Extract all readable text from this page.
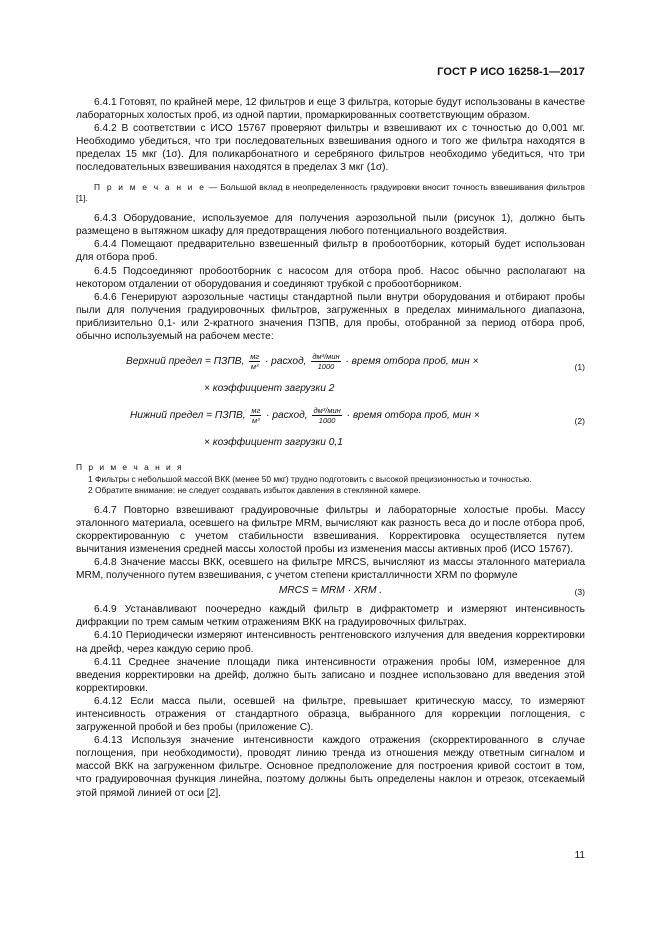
ГОСТ Р ИСО 16258-1—2017

6.4.1 Готовят, по крайней мере, 12 фильтров и еще 3 фильтра, которые будут использованы в качестве лабораторных холостых проб, из одной партии, промаркированных соответствующим образом.

6.4.2 В соответствии с ИСО 15767 проверяют фильтры и взвешивают их с точностью до 0,001 мг. Необходимо убедиться, что три последовательных взвешивания одного и того же фильтра находятся в пределах 15 мкг (1σ). Для поликарбонатного и серебряного фильтров необходимо убедиться, что три последовательных взвешивания находятся в пределах 3 мкг (1σ).

П р и м е ч а н и е — Большой вклад в неопределенность градуировки вносит точность взвешивания фильтров [1].

6.4.3 Оборудование, используемое для получения аэрозольной пыли (рисунок 1), должно быть размещено в вытяжном шкафу для предотвращения любого потенциального воздействия.

6.4.4 Помещают предварительно взвешенный фильтр в пробоотборник, который будет использован для отбора проб.

6.4.5 Подсоединяют пробоотборник с насосом для отбора проб. Насос обычно располагают на некотором отдалении от оборудования и соединяют трубкой с пробоотборником.

6.4.6 Генерируют аэрозольные частицы стандартной пыли внутри оборудования и отбирают пробы пыли для получения градуировочных фильтров, загруженных в пределах минимального диапазона, приблизительно 0,1- или 2-кратного значения ПЗПВ, для пробы, отобранной за период отбора проб, обычно используемый на рабочем месте:

Верхний предел = ПЗПВ, $\frac{мг}{\text{м³}}$ · расход, $\frac{\text{дм³/мин}}{1000}$ · время отбора проб, мин ×	(1)
× коэффициент загрузки 2
Нижний предел = ПЗПВ, $\frac{мг}{\text{м³}}$ · расход, $\frac{\text{дм³/мин}}{1000}$ · время отбора проб, мин ×	(2)
× коэффициент загрузки 0,1

П р и м е ч а н и я

1 Фильтры с небольшой массой ВКК (менее 50 мкг) трудно подготовить с высокой прецизионностью и точностью.

2 Обратите внимание: не следует создавать избыток давления в стеклянной камере.

6.4.7 Повторно взвешивают градуировочные фильтры и лабораторные холостые пробы. Массу эталонного материала, осевшего на фильтре MRM, вычисляют как разность веса до и после отбора проб, скорректированную с учетом стабильности взвешивания. Корректировка осуществляется путем вычитания изменения средней массы холостой пробы из изменения массы активных проб (ИСО 15767).

6.4.8 Значение массы ВКК, осевшего на фильтре MRCS, вычисляют из массы эталонного материала MRM, полученного путем взвешивания, с учетом степени кристалличности XRM по формуле

MRCS = MRM · XRM .	(3)

6.4.9 Устанавливают поочередно каждый фильтр в дифрактометр и измеряют интенсивность дифракции по трем самым четким отражениям ВКК на градуировочных фильтрах.

6.4.10 Периодически измеряют интенсивность рентгеновского излучения для введения корректировки на дрейф, через каждую серию проб.

6.4.11 Среднее значение площади пика интенсивности отражения пробы I0M, измеренное для введения корректировки на дрейф, должно быть записано и позднее использовано для введения этой корректировки.

6.4.12 Если масса пыли, осевшей на фильтре, превышает критическую массу, то измеряют интенсивность отражения от стандартного образца, выбранного для коррекции поглощения, с загруженной пробой и без пробы (приложение С).

6.4.13 Используя значение интенсивности каждого отражения (скорректированного в случае поглощения, при необходимости), проводят линию тренда из отношения между ответным сигналом и массой ВКК на загруженном фильтре. Основное предположение для построения кривой состоит в том, что градуировочная функция линейна, поэтому должны быть определены наклон и отрезок, отсекаемый этой прямой линией от оси [2].

11
